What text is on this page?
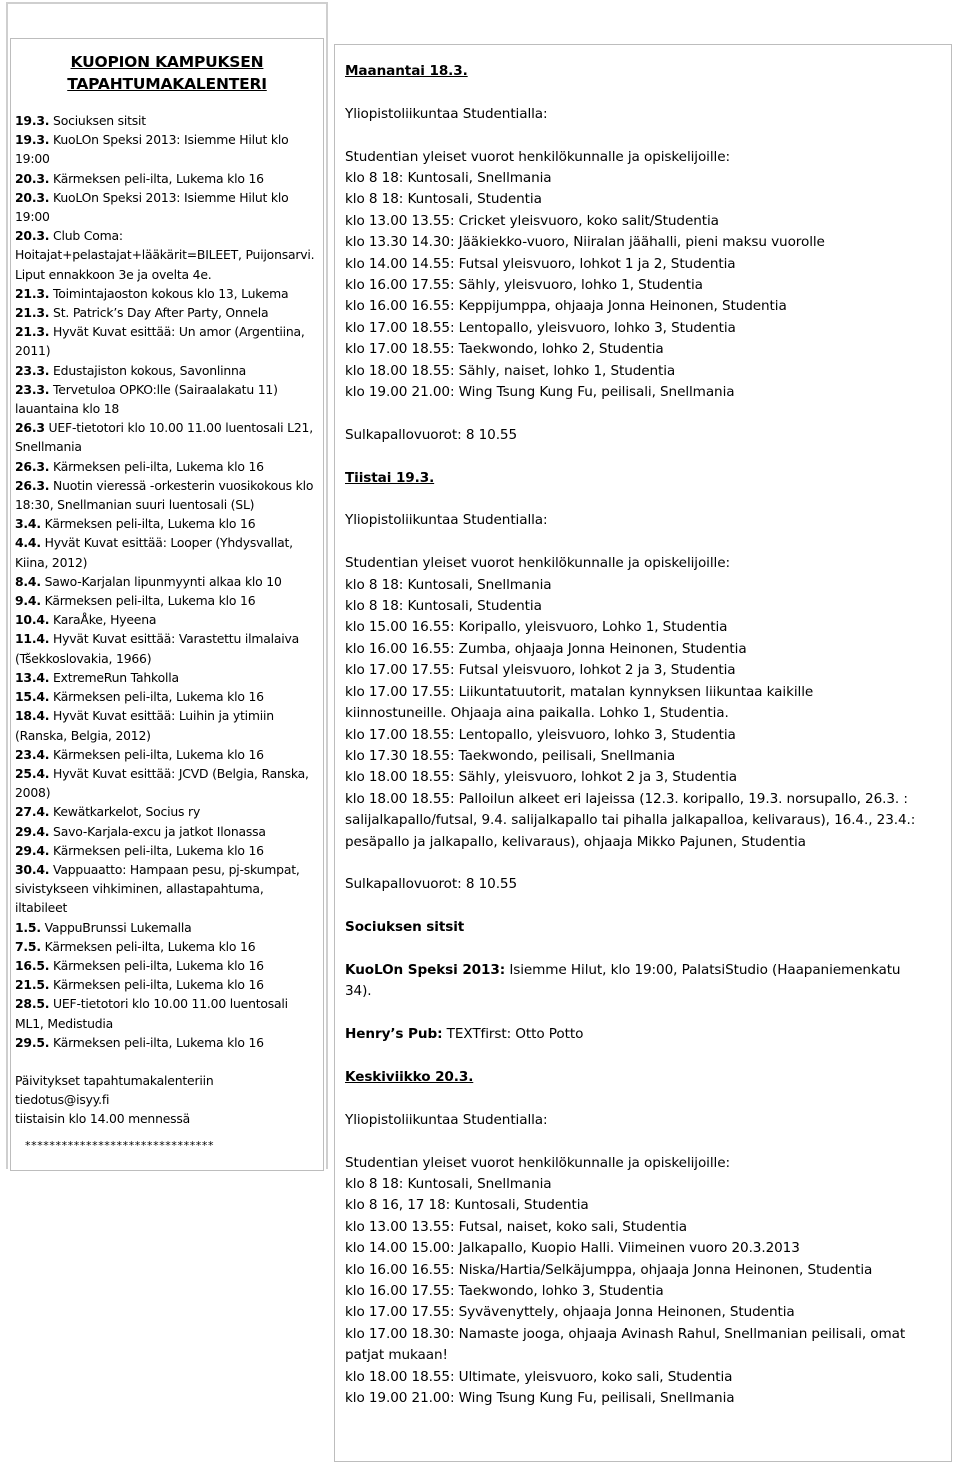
KUOPION KAMPUKSEN
TAPAHTUMAKALENTERI
19.3. Sociuksen sitsit
19.3. KuoLOn Speksi 2013: Isiemme Hilut klo 19:00
20.3. Kärmeksen peli-ilta, Lukema klo 16
20.3. KuoLOn Speksi 2013: Isiemme Hilut klo 19:00
20.3. Club Coma: Hoitajat+pelastajat+lääkärit=BILEET, Puijonsarvi. Liput ennakkoon 3e ja ovelta 4e.
21.3. Toimintajaoston kokous klo 13, Lukema
21.3. St. Patrick’s Day After Party, Onnela
21.3. Hyvät Kuvat esittää: Un amor (Argentiina, 2011)
23.3. Edustajiston kokous, Savonlinna
23.3. Tervetuloa OPKO:lle (Sairaalakatu 11) lauantaina klo 18
26.3 UEF-tietotori klo 10.00 11.00 luentosali L21, Snellmania
26.3. Kärmeksen peli-ilta, Lukema klo 16
26.3. Nuotin vieressä -orkesterin vuosikokous klo 18:30, Snellmanian suuri luentosali (SL)
3.4. Kärmeksen peli-ilta, Lukema klo 16
4.4. Hyvät Kuvat esittää: Looper (Yhdysvallat, Kiina, 2012)
8.4. Sawo-Karjalan lipunmyynti alkaa klo 10
9.4. Kärmeksen peli-ilta, Lukema klo 16
10.4. KaraÅke, Hyeena
11.4. Hyvät Kuvat esittää: Varastettu ilmalaiva (Tšekkoslovakia, 1966)
13.4. ExtremeRun Tahkolla
15.4. Kärmeksen peli-ilta, Lukema klo 16
18.4. Hyvät Kuvat esittää: Luihin ja ytimiin (Ranska, Belgia, 2012)
23.4. Kärmeksen peli-ilta, Lukema klo 16
25.4. Hyvät Kuvat esittää: JCVD (Belgia, Ranska, 2008)
27.4. Kewätkarkelot, Socius ry
29.4. Savo-Karjala-excu ja jatkot Ilonassa
29.4. Kärmeksen peli-ilta, Lukema klo 16
30.4. Vappuaatto: Hampaan pesu, pj-skumpat, sivistykseen vihkiminen, allastapahtuma, iltabileet
1.5. VappuBrunssi Lukemalla
7.5. Kärmeksen peli-ilta, Lukema klo 16
16.5. Kärmeksen peli-ilta, Lukema klo 16
21.5. Kärmeksen peli-ilta, Lukema klo 16
28.5. UEF-tietotori klo 10.00 11.00 luentosali ML1, Medistudia
29.5. Kärmeksen peli-ilta, Lukema klo 16
Päivitykset tapahtumakalenteriin
tiedotus@isyy.fi
tiistaisin klo 14.00 mennessä
*******************************

Maanantai 18.3.

Yliopistoliikuntaa Studentialla:

Studentian yleiset vuorot henkilökunnalle ja opiskelijoille:

klo 8 18: Kuntosali, Snellmania

klo 8 18: Kuntosali, Studentia

klo 13.00 13.55: Cricket yleisvuoro, koko salit/Studentia

klo 13.30 14.30: Jääkiekko-vuoro, Niiralan jäähalli, pieni maksu vuorolle

klo 14.00 14.55: Futsal yleisvuoro, lohkot 1 ja 2, Studentia

klo 16.00 17.55: Sähly, yleisvuoro, lohko 1, Studentia

klo 16.00 16.55: Keppijumppa, ohjaaja Jonna Heinonen, Studentia

klo 17.00 18.55: Lentopallo, yleisvuoro, lohko 3, Studentia

klo 17.00 18.55: Taekwondo, lohko 2, Studentia

klo 18.00 18.55: Sähly, naiset, lohko 1, Studentia

klo 19.00 21.00: Wing Tsung Kung Fu, peilisali, Snellmania

Sulkapallovuorot: 8 10.55

Tiistai 19.3.

Yliopistoliikuntaa Studentialla:

Studentian yleiset vuorot henkilökunnalle ja opiskelijoille:

klo 8 18: Kuntosali, Snellmania

klo 8 18: Kuntosali, Studentia

klo 15.00 16.55: Koripallo, yleisvuoro, Lohko 1, Studentia

klo 16.00 16.55: Zumba, ohjaaja Jonna Heinonen, Studentia

klo 17.00 17.55: Futsal yleisvuoro, lohkot 2 ja 3, Studentia

klo 17.00 17.55: Liikuntatuutorit, matalan kynnyksen liikuntaa kaikille

kiinnostuneille. Ohjaaja aina paikalla. Lohko 1, Studentia.

klo 17.00 18.55: Lentopallo, yleisvuoro, lohko 3, Studentia

klo 17.30 18.55: Taekwondo, peilisali, Snellmania

klo 18.00 18.55: Sähly, yleisvuoro, lohkot 2 ja 3, Studentia

klo 18.00 18.55: Palloilun alkeet eri lajeissa (12.3. koripallo, 19.3. norsupallo, 26.3. :

salijalkapallo/futsal, 9.4. salijalkapallo tai pihalla jalkapalloa, kelivaraus), 16.4., 23.4.:

pesäpallo ja jalkapallo, kelivaraus), ohjaaja Mikko Pajunen, Studentia

Sulkapallovuorot: 8 10.55

Sociuksen sitsit

KuoLOn Speksi 2013: Isiemme Hilut, klo 19:00, PalatsiStudio (Haapaniemenkatu

34).

Henry’s Pub: TEXTfirst: Otto Potto

Keskiviikko 20.3.

Yliopistoliikuntaa Studentialla:

Studentian yleiset vuorot henkilökunnalle ja opiskelijoille:

klo 8 18: Kuntosali, Snellmania

klo 8 16, 17 18: Kuntosali, Studentia

klo 13.00 13.55: Futsal, naiset, koko sali, Studentia

klo 14.00 15.00: Jalkapallo, Kuopio Halli. Viimeinen vuoro 20.3.2013

klo 16.00 16.55: Niska/Hartia/Selkäjumppa, ohjaaja Jonna Heinonen, Studentia

klo 16.00 17.55: Taekwondo, lohko 3, Studentia

klo 17.00 17.55: Syvävenyttely, ohjaaja Jonna Heinonen, Studentia

klo 17.00 18.30: Namaste jooga, ohjaaja Avinash Rahul, Snellmanian peilisali, omat

patjat mukaan!

klo 18.00 18.55: Ultimate, yleisvuoro, koko sali, Studentia

klo 19.00 21.00: Wing Tsung Kung Fu, peilisali, Snellmania
